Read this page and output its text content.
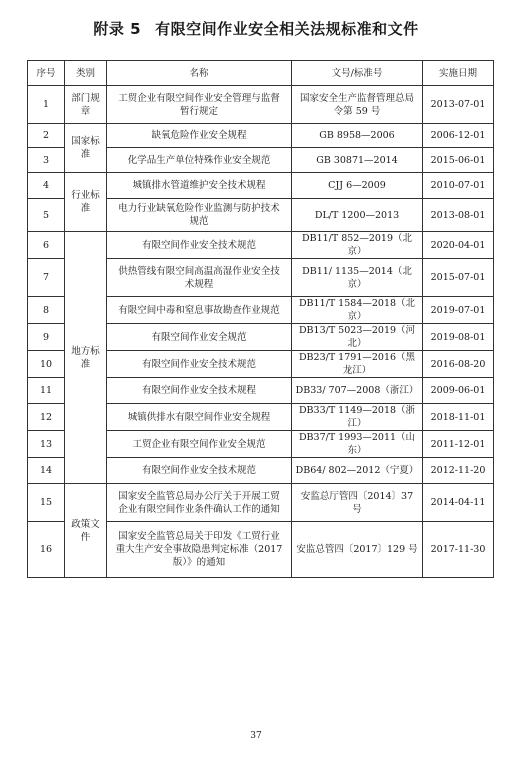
附录 5 有限空间作业安全相关法规标准和文件
序号	类别	名称	文号/标准号	实施日期
1	部门规章	工贸企业有限空间作业安全管理与监督暂行规定	国家安全生产监督管理总局 令第 59 号	2013-07-01
2	国家标准	缺氧危险作业安全规程	GB 8958—2006	2006-12-01
3		化学品生产单位特殊作业安全规范	GB 30871—2014	2015-06-01
4	行业标准	城镇排水管道维护安全技术规程	CJJ 6—2009	2010-07-01
5		电力行业缺氧危险作业监测与防护技术规范	DL/T 1200—2013	2013-08-01
6	地方标准	有限空间作业安全技术规范	DB11/T 852—2019（北京）	2020-04-01
7		供热管线有限空间高温高湿作业安全技术规程	DB11/ 1135—2014（北京）	2015-07-01
8		有限空间中毒和窒息事故勘查作业规范	DB11/T 1584—2018（北京）	2019-07-01
9		有限空间作业安全规范	DB13/T 5023—2019（河北）	2019-08-01
10		有限空间作业安全技术规范	DB23/T 1791—2016（黑龙江）	2016-08-20
11		有限空间作业安全技术规程	DB33/ 707—2008（浙江）	2009-06-01
12		城镇供排水有限空间作业安全规程	DB33/T 1149—2018（浙江）	2018-11-01
13		工贸企业有限空间作业安全规范	DB37/T 1993—2011（山东）	2011-12-01
14		有限空间作业安全技术规范	DB64/ 802—2012（宁夏）	2012-11-20
15	政策文件	国家安全监管总局办公厅关于开展工贸企业有限空间作业条件确认工作的通知	安监总厅管四〔2014〕37 号	2014-04-11
16		国家安全监管总局关于印发《工贸行业重大生产安全事故隐患判定标准（2017 版）》的通知	安监总管四〔2017〕129 号	2017-11-30
37
